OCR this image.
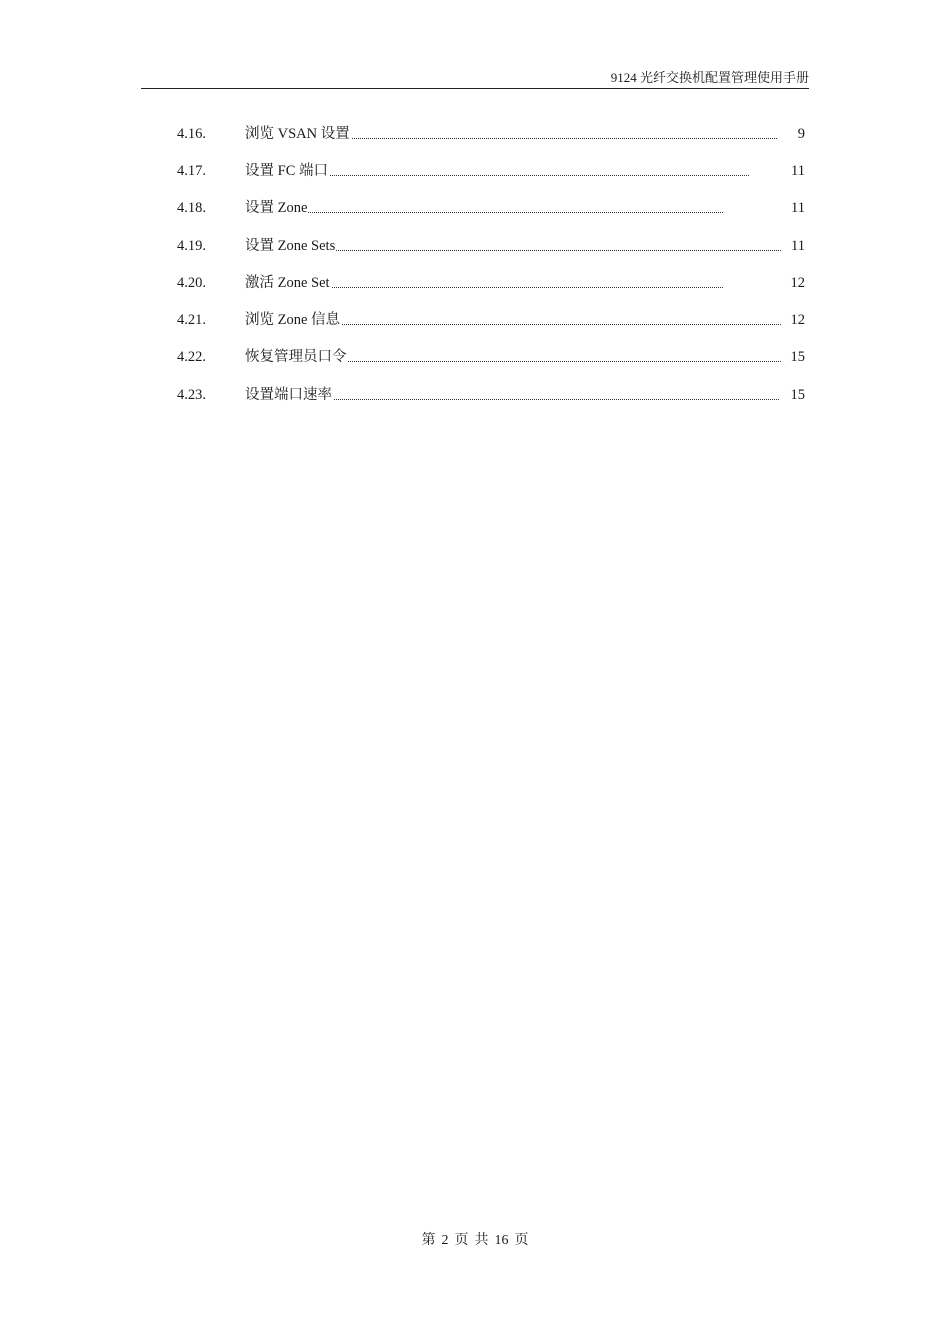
9124 光纤交换机配置管理使用手册
4.16.	浏览 VSAN 设置	9
4.17.	设置 FC 端口	11
4.18.	设置 Zone	11
4.19.	设置 Zone Sets	11
4.20.	激活 Zone Set	12
4.21.	浏览 Zone 信息	12
4.22.	恢复管理员口令	15
4.23.	设置端口速率	15
第 2 页 共 16 页
